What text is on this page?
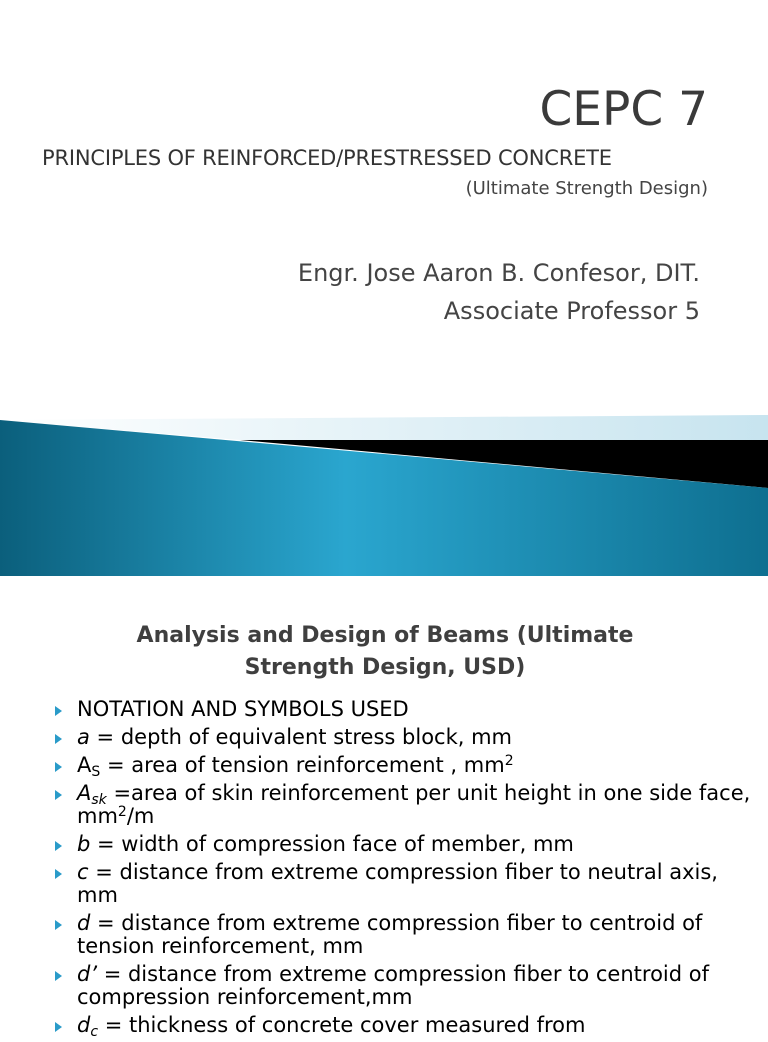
CEPC 7
PRINCIPLES OF REINFORCED/PRESTRESSED CONCRETE
(Ultimate Strength Design)
Engr. Jose Aaron B. Confesor, DIT.
Associate Professor 5
Analysis and Design of Beams (Ultimate
Strength Design, USD)
NOTATION AND SYMBOLS USED
a = depth of equivalent stress block, mm
$A_S$ = area of tension reinforcement , $mm^2$
$A_{sk}$ =area of skin reinforcement per unit height in one side face, $mm^2/m$
b = width of compression face of member, mm
c = distance from extreme compression fiber to neutral axis, mm
d = distance from extreme compression fiber to centroid of tension reinforcement, mm
d’ = distance from extreme compression fiber to centroid of compression reinforcement,mm
$d_c$ = thickness of concrete cover measured from
